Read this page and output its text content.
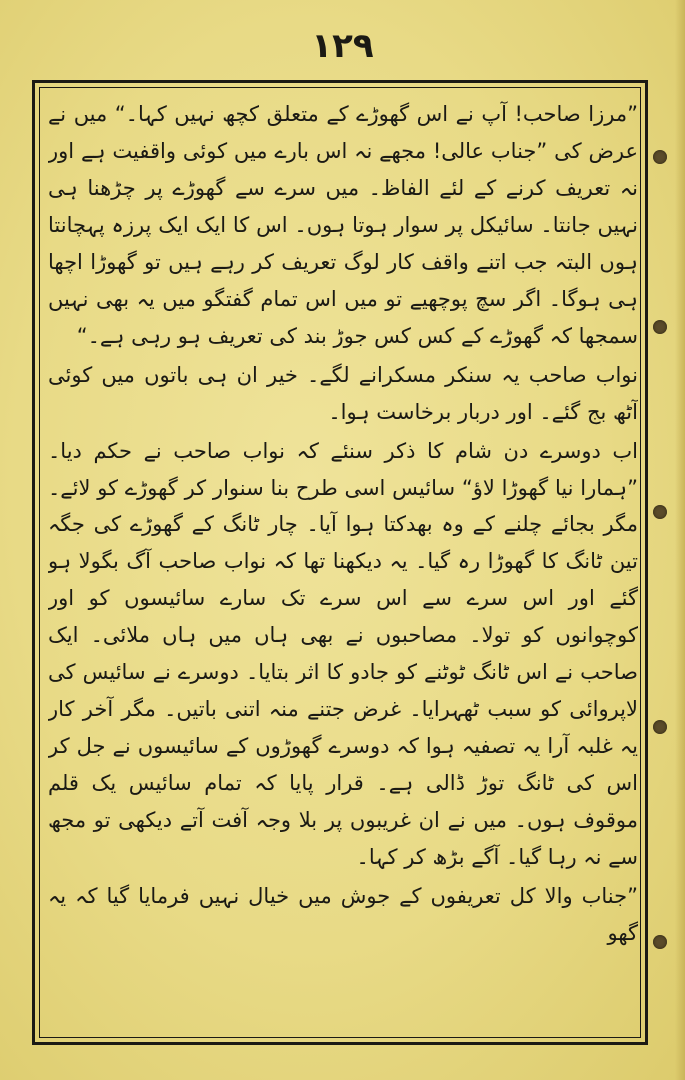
۱۲۹

”مرزا صاحب! آپ نے اس گھوڑے کے متعلق کچھ نہیں کہا۔“ میں نے عرض کی ”جناب عالی! مجھے نہ اس بارے میں کوئی واقفیت ہے اور نہ تعریف کرنے کے لئے الفاظ۔ میں سرے سے گھوڑے پر چڑھنا ہی نہیں جانتا۔ سائیکل پر سوار ہوتا ہوں۔ اس کا ایک ایک پرزہ پہچانتا ہوں البتہ جب اتنے واقف کار لوگ تعریف کر رہے ہیں تو گھوڑا اچھا ہی ہوگا۔ اگر سچ پوچھیے تو میں اس تمام گفتگو میں یہ بھی نہیں سمجھا کہ گھوڑے کے کس کس جوڑ بند کی تعریف ہو رہی ہے۔“

نواب صاحب یہ سنکر مسکرانے لگے۔ خیر ان ہی باتوں میں کوئی آٹھ بج گئے۔ اور دربار برخاست ہوا۔

اب دوسرے دن شام کا ذکر سنئے کہ نواب صاحب نے حکم دیا۔ ”ہمارا نیا گھوڑا لاؤ“ سائیس اسی طرح بنا سنوار کر گھوڑے کو لائے۔ مگر بجائے چلنے کے وہ بھدکتا ہوا آیا۔ چار ٹانگ کے گھوڑے کی جگہ تین ٹانگ کا گھوڑا رہ گیا۔ یہ دیکھنا تھا کہ نواب صاحب آگ بگولا ہو گئے اور اس سرے سے اس سرے تک سارے سائیسوں کو اور کوچوانوں کو تولا۔ مصاحبوں نے بھی ہاں میں ہاں ملائی۔ ایک صاحب نے اس ٹانگ ٹوٹنے کو جادو کا اثر بتایا۔ دوسرے نے سائیس کی لاپروائی کو سبب ٹھہرایا۔ غرض جتنے منہ اتنی باتیں۔ مگر آخر کار یہ غلبہ آرا یہ تصفیہ ہوا کہ دوسرے گھوڑوں کے سائیسوں نے جل کر اس کی ٹانگ توڑ ڈالی ہے۔ قرار پایا کہ تمام سائیس یک قلم موقوف ہوں۔ میں نے ان غریبوں پر بلا وجہ آفت آتے دیکھی تو مجھ سے نہ رہا گیا۔ آگے بڑھ کر کہا۔

”جناب والا کل تعریفوں کے جوش میں خیال نہیں فرمایا گیا کہ یہ گھو
